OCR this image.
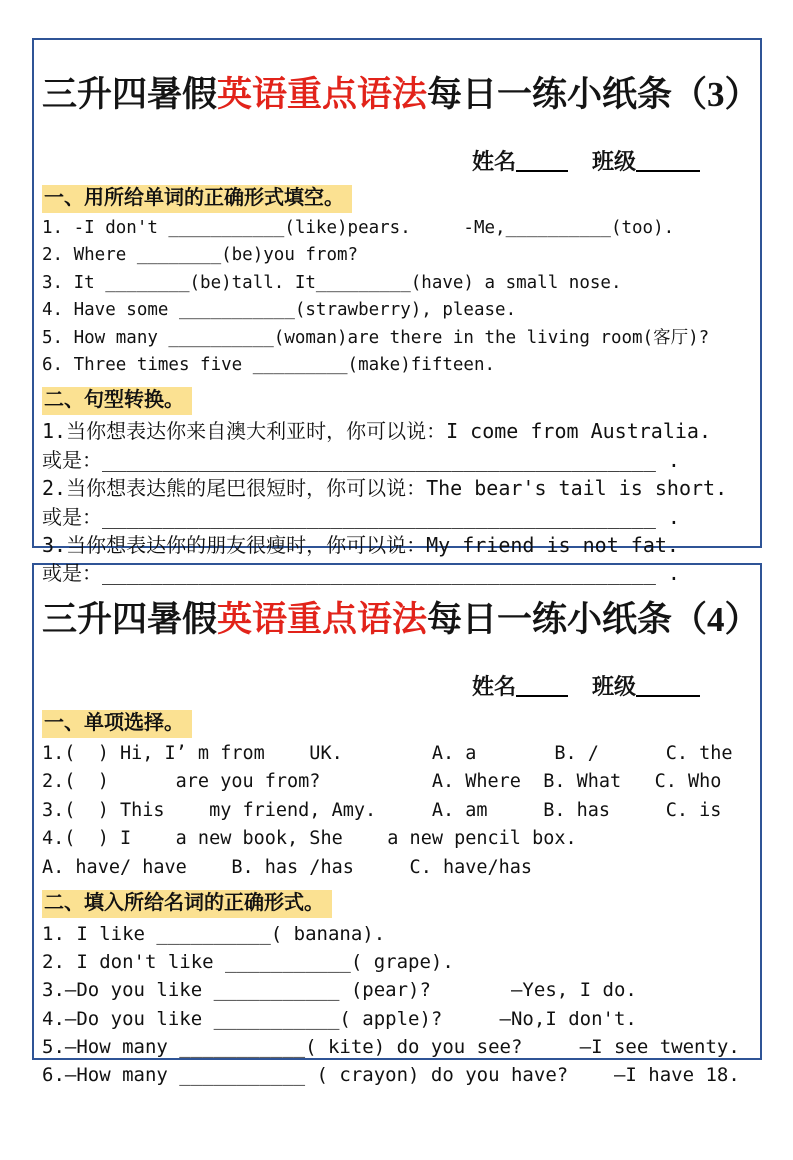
三升四暑假英语重点语法每日一练小纸条（3）
姓名	班级
一、用所给单词的正确形式填空。

1. -I don't ___________(like)pears.     -Me,__________(too).

2. Where ________(be)you from?

3. It ________(be)tall. It_________(have) a small nose.

4. Have some ___________(strawberry), please.

5. How many __________(woman)are there in the living room(客厅)?

6. Three times five _________(make)fifteen.

二、句型转换。

1.当你想表达你来自澳大利亚时，你可以说：I come from Australia.

或是：______________________________________________ .

2.当你想表达熊的尾巴很短时，你可以说：The bear's tail is short.

或是：______________________________________________ .

3.当你想表达你的朋友很瘦时，你可以说：My friend is not fat.

或是：______________________________________________ .

三升四暑假英语重点语法每日一练小纸条（4）
姓名	班级
一、单项选择。

1.(  ) Hi, I’ m from    UK.        A. a       B. /      C. the

2.(  )      are you from?          A. Where  B. What   C. Who

3.(  ) This    my friend, Amy.     A. am     B. has     C. is

4.(  ) I    a new book, She    a new pencil box.

A. have/ have    B. has /has     C. have/has

二、填入所给名词的正确形式。

1. I like __________( banana).

2. I don't like ___________( grape).

3.—Do you like ___________ (pear)?       —Yes, I do.

4.—Do you like ___________( apple)?     —No,I don't.

5.—How many ___________( kite) do you see?     —I see twenty.

6.—How many ___________ ( crayon) do you have?    —I have 18.
